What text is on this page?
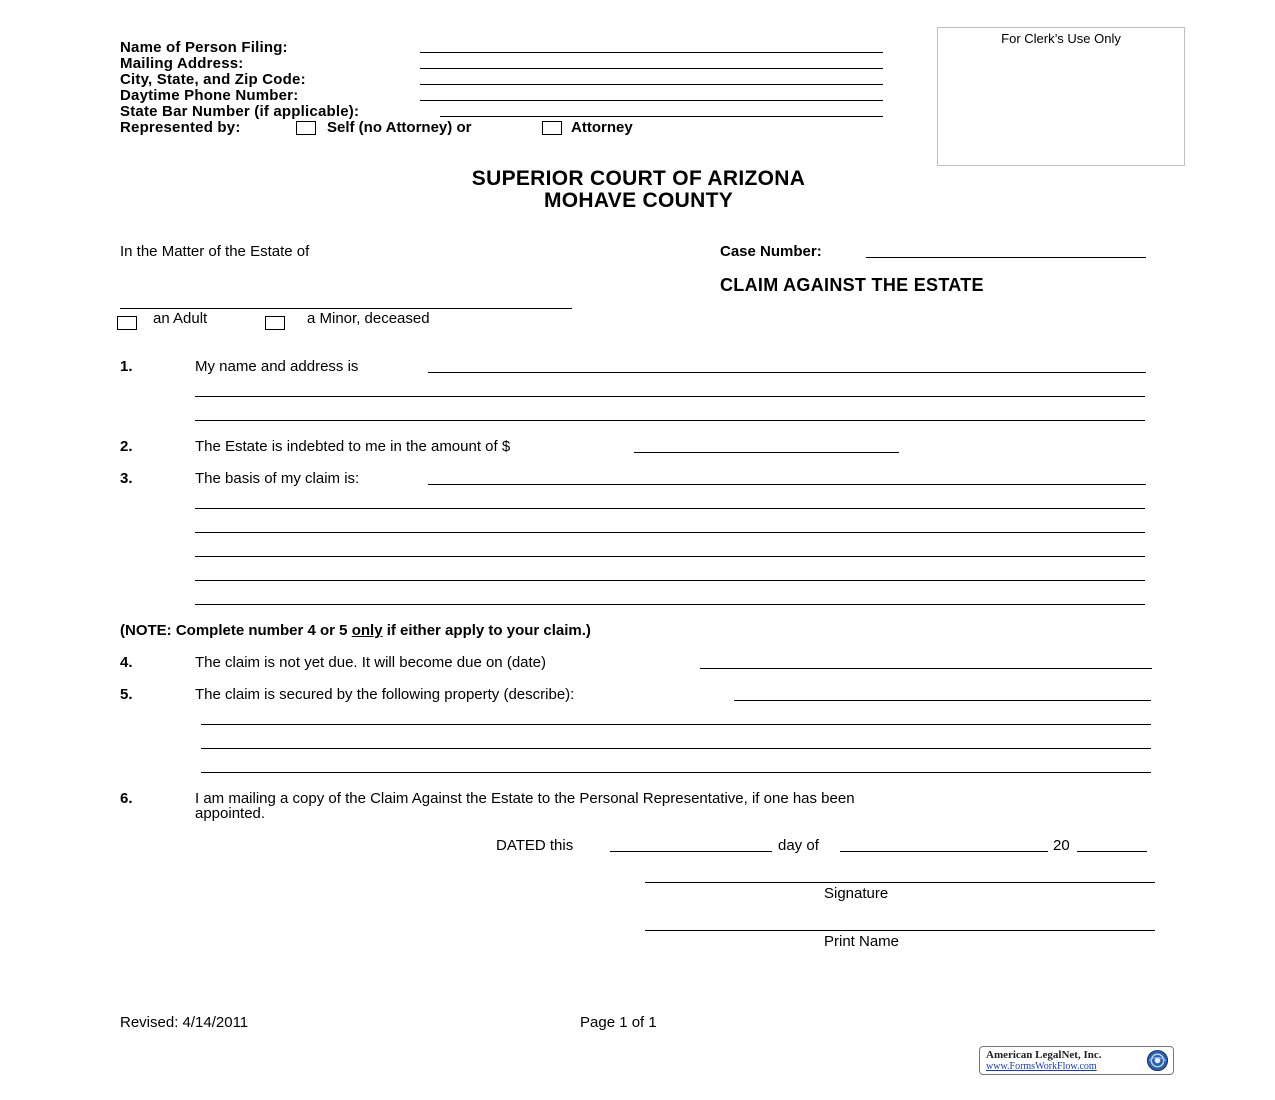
Name of Person Filing:
Mailing Address:
City, State, and Zip Code:
Daytime Phone Number:
State Bar Number (if applicable):
Represented by:	Self (no Attorney) or	Attorney
For Clerk’s Use Only
SUPERIOR COURT OF ARIZONA
MOHAVE COUNTY
In the Matter of the Estate of	Case Number:
CLAIM AGAINST THE ESTATE
an Adult	a Minor, deceased
1.	My name and address is
2.	The Estate is indebted to me in the amount of $
3.	The basis of my claim is:
(NOTE: Complete number 4 or 5 only if either apply to your claim.)
4.	The claim is not yet due. It will become due on (date)
5.	The claim is secured by the following property (describe):
6.	I am mailing a copy of the Claim Against the Estate to the Personal Representative, if one has been
appointed.
DATED this	day of	20
Signature
Print Name
Revised: 4/14/2011	Page 1 of 1
American LegalNet, Inc.
www.FormsWorkFlow.com
